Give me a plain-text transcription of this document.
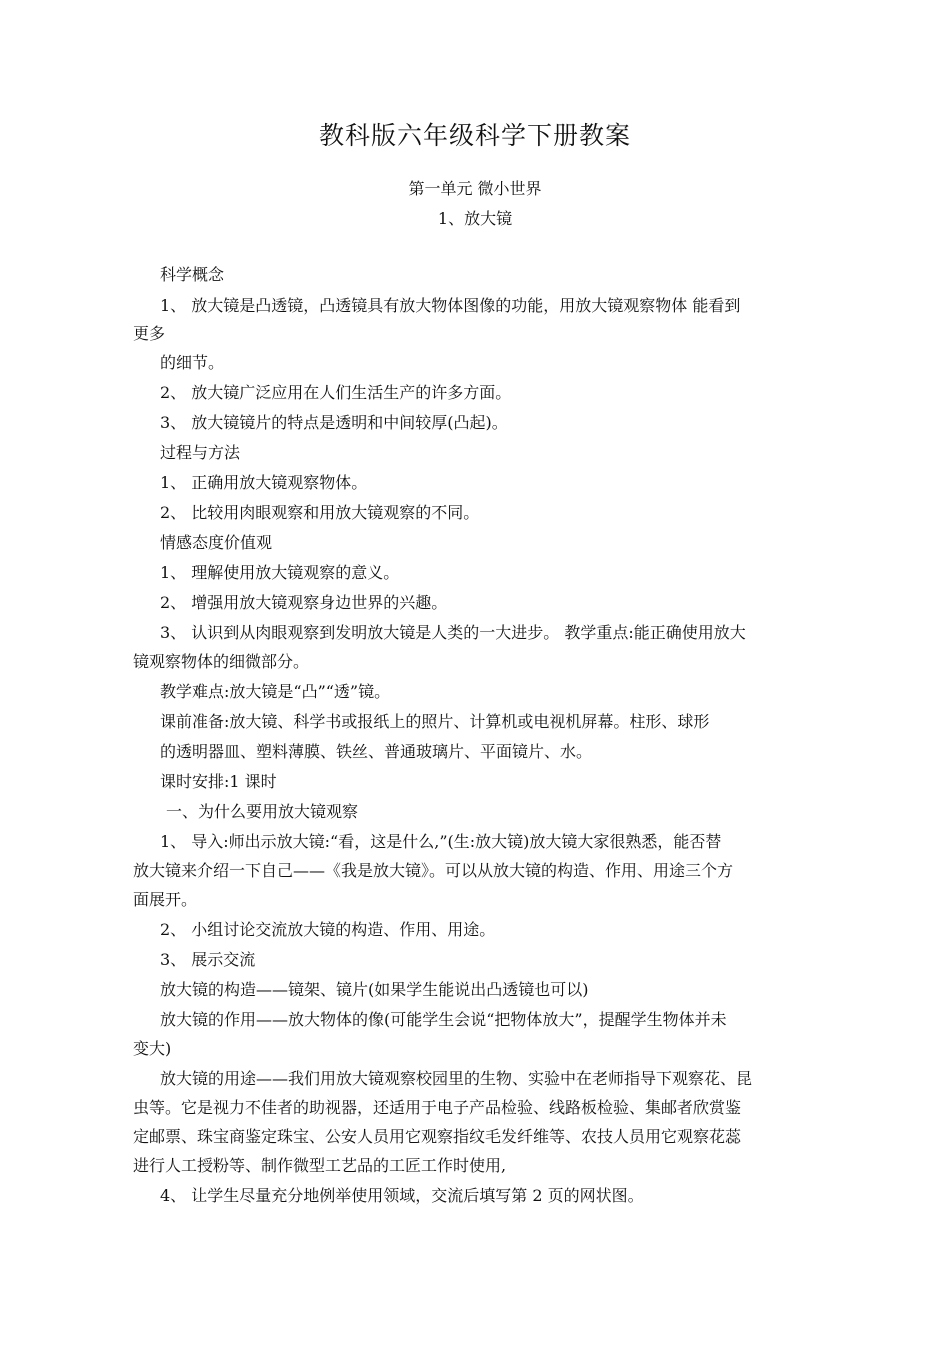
教科版六年级科学下册教案
第一单元 微小世界
1、放大镜
科学概念
1、 放大镜是凸透镜，凸透镜具有放大物体图像的功能，用放大镜观察物体 能看到
更多
的细节。
2、 放大镜广泛应用在人们生活生产的许多方面。
3、 放大镜镜片的特点是透明和中间较厚(凸起)。
过程与方法
1、 正确用放大镜观察物体。
2、 比较用肉眼观察和用放大镜观察的不同。
情感态度价值观
1、 理解使用放大镜观察的意义。
2、 增强用放大镜观察身边世界的兴趣。
3、 认识到从肉眼观察到发明放大镜是人类的一大进步。 教学重点:能正确使用放大
镜观察物体的细微部分。
教学难点:放大镜是“凸”“透”镜。
课前准备:放大镜、科学书或报纸上的照片、计算机或电视机屏幕。柱形、球形
的透明器皿、塑料薄膜、铁丝、普通玻璃片、平面镜片、水。
课时安排:1 课时
一、为什么要用放大镜观察
1、 导入:师出示放大镜:“看，这是什么,”(生:放大镜)放大镜大家很熟悉，能否替
放大镜来介绍一下自己——《我是放大镜》。可以从放大镜的构造、作用、用途三个方
面展开。
2、 小组讨论交流放大镜的构造、作用、用途。
3、 展示交流
放大镜的构造——镜架、镜片(如果学生能说出凸透镜也可以)
放大镜的作用——放大物体的像(可能学生会说“把物体放大”，提醒学生物体并未
变大)
放大镜的用途——我们用放大镜观察校园里的生物、实验中在老师指导下观察花、昆
虫等。它是视力不佳者的助视器，还适用于电子产品检验、线路板检验、集邮者欣赏鉴
定邮票、珠宝商鉴定珠宝、公安人员用它观察指纹毛发纤维等、农技人员用它观察花蕊
进行人工授粉等、制作微型工艺品的工匠工作时使用,
4、 让学生尽量充分地例举使用领域，交流后填写第 2 页的网状图。
